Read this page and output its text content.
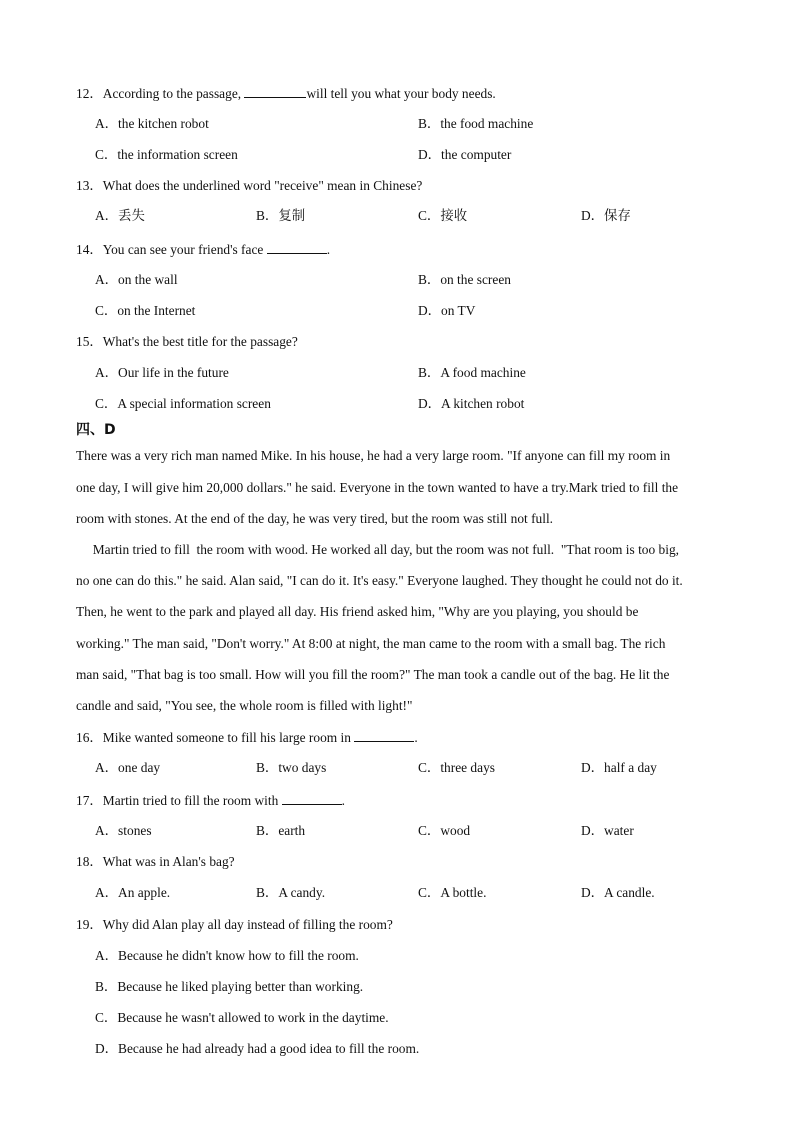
12．According to the passage,	will tell you what your body needs.
A．the kitchen robot	B．the food machine
C．the information screen	D．the computer
13．What does the underlined word "receive" mean in Chinese?
A．丢失	B．复制	C．接收	D．保存
14．You can see your friend's face	.
A．on the wall	B．on the screen
C．on the Internet	D．on TV
15．What's the best title for the passage?
A．Our life in the future	B．A food machine
C．A special information screen	D．A kitchen robot
四、D
There was a very rich man named Mike. In his house, he had a very large room. "If anyone can fill my room in
one day, I will give him 20,000 dollars." he said. Everyone in the town wanted to have a try.Mark tried to fill the
room with stones. At the end of the day, he was very tired, but the room was still not full.
Martin tried to fill  the room with wood. He worked all day, but the room was not full.  "That room is too big,
no one can do this." he said. Alan said, "I can do it. It's easy." Everyone laughed. They thought he could not do it.
Then, he went to the park and played all day. His friend asked him, "Why are you playing, you should be
working." The man said, "Don't worry." At 8:00 at night, the man came to the room with a small bag. The rich
man said, "That bag is too small. How will you fill the room?" The man took a candle out of the bag. He lit the
candle and said, "You see, the whole room is filled with light!"
16．Mike wanted someone to fill his large room in	.
A．one day	B．two days	C．three days	D．half a day
17．Martin tried to fill the room with	.
A．stones	B．earth	C．wood	D．water
18．What was in Alan's bag?
A．An apple.	B．A candy.	C．A bottle.	D．A candle.
19．Why did Alan play all day instead of filling the room?
A．Because he didn't know how to fill the room.
B．Because he liked playing better than working.
C．Because he wasn't allowed to work in the daytime.
D．Because he had already had a good idea to fill the room.
